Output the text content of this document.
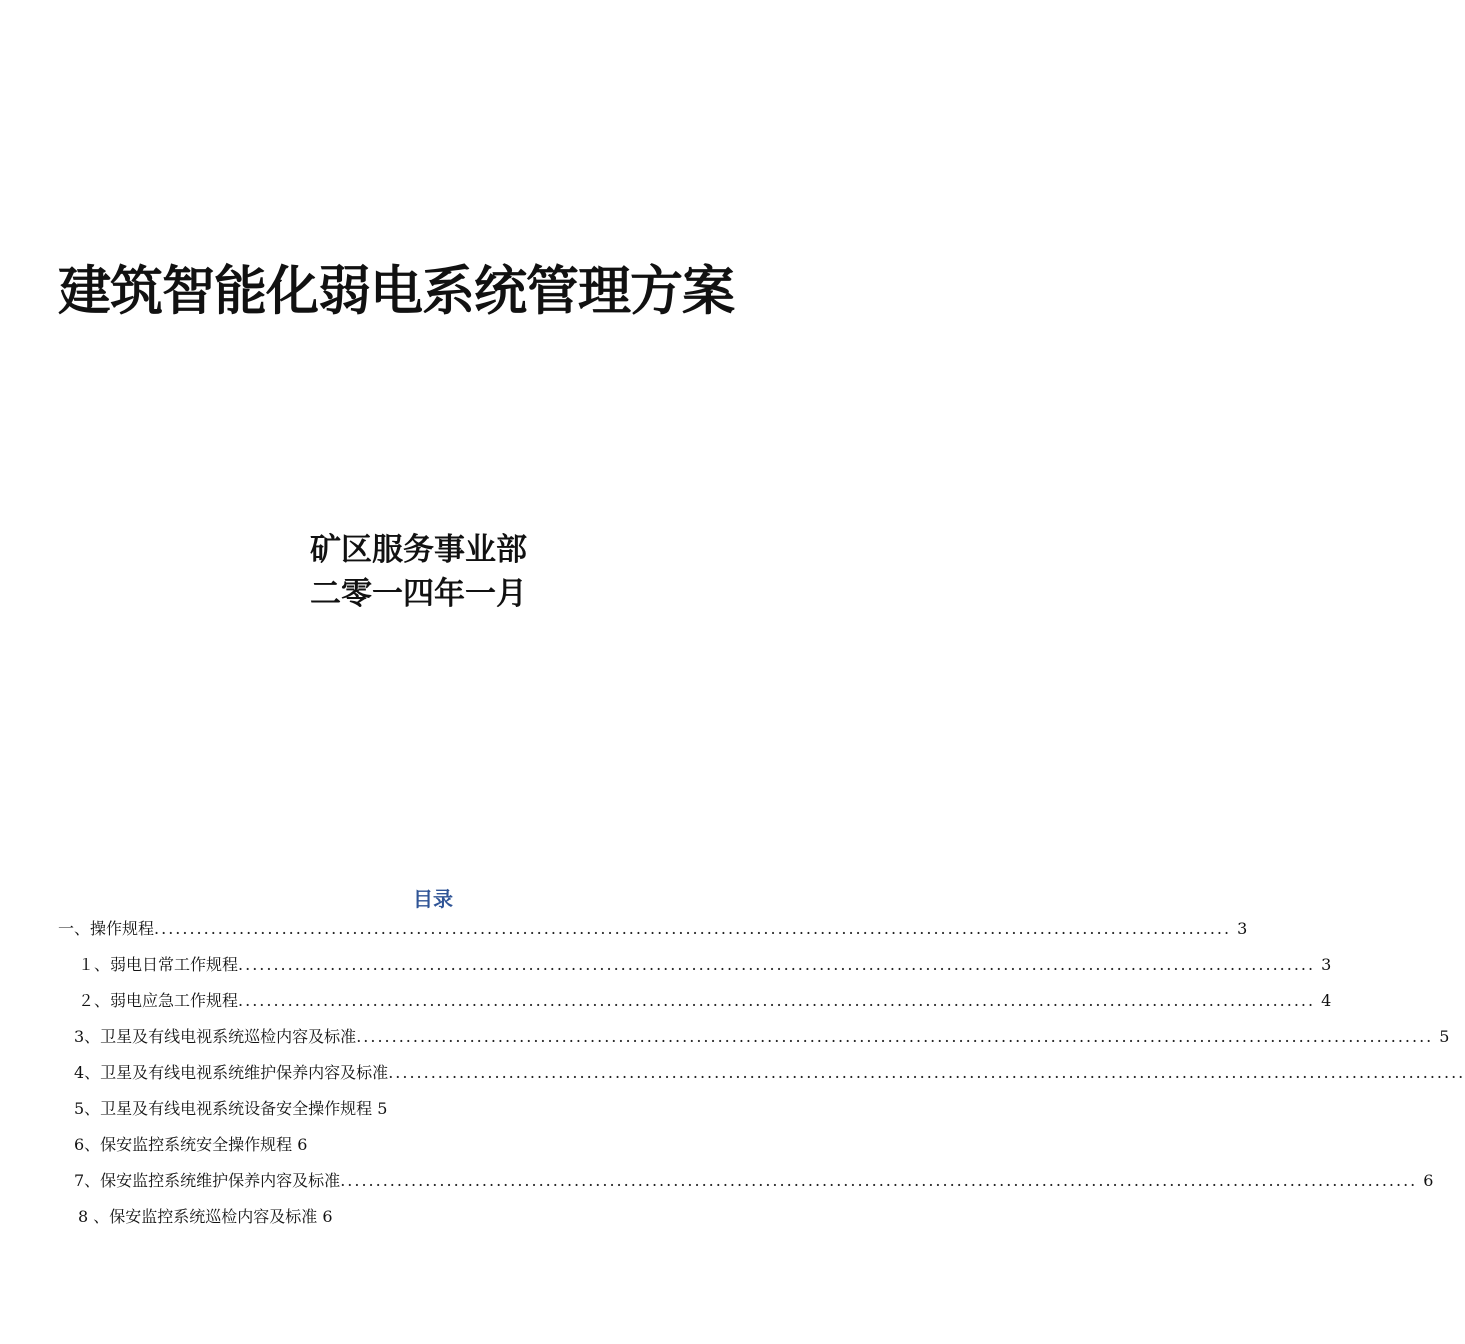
建筑智能化弱电系统管理方案
矿区服务事业部
二零一四年一月
目录
一、操作规程 ........................................................................................................................................................ 3
１、弱电日常工作规程 ........................................................................................................................................................ 3
２、弱电应急工作规程 ........................................................................................................................................................ 4
3、卫星及有线电视系统巡检内容及标准 ........................................................................................................................................................ 5
4、卫星及有线电视系统维护保养内容及标准 ........................................................................................................................................................
5、卫星及有线电视系统设备安全操作规程 5
6、保安监控系统安全操作规程 6
7、保安监控系统维护保养内容及标准 ........................................................................................................................................................ 6
8 、保安监控系统巡检内容及标准 6
